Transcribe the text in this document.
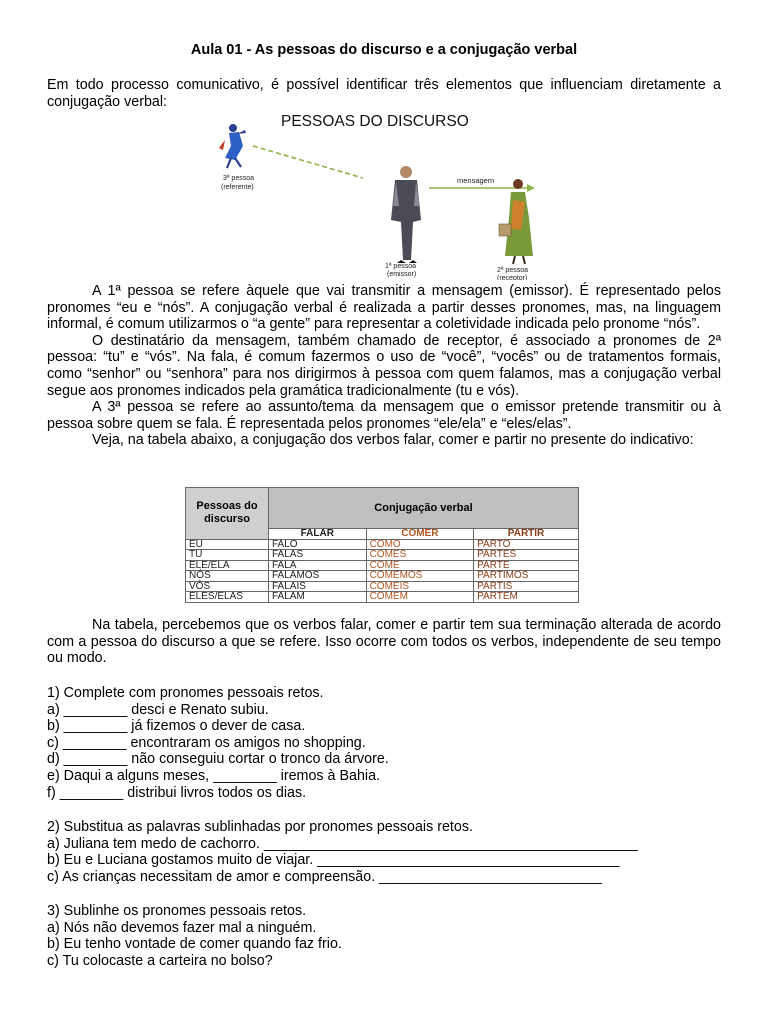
Aula 01 - As pessoas do discurso e a conjugação verbal

Em todo processo comunicativo, é possível identificar três elementos que influenciam diretamente a conjugação verbal:

PESSOAS DO DISCURSO
3ª pessoa
(referente)
1ª pessoa
(emissor)
mensagem
2ª pessoa
(receptor)

A 1ª pessoa se refere àquele que vai transmitir a mensagem (emissor). É representado pelos pronomes “eu e “nós”. A conjugação verbal é realizada a partir desses pronomes, mas, na linguagem informal, é comum utilizarmos o “a gente” para representar a coletividade indicada pelo pronome “nós”.

O destinatário da mensagem, também chamado de receptor, é associado a pronomes de 2ª pessoa: “tu” e “vós”. Na fala, é comum fazermos o uso de “você”, “vocês” ou de tratamentos formais, como “senhor” ou “senhora” para nos dirigirmos à pessoa com quem falamos, mas a conjugação verbal segue aos pronomes indicados pela gramática tradicionalmente (tu e vós).

A 3ª pessoa se refere ao assunto/tema da mensagem que o emissor pretende transmitir ou à pessoa sobre quem se fala. É representada pelos pronomes “ele/ela” e “eles/elas”.

Veja, na tabela abaixo, a conjugação dos verbos falar, comer e partir no presente do indicativo:

Pessoas do discurso	Conjugação verbal		
	FALAR	COMER	PARTIR
EU	FALO	COMO	PARTO
TU	FALAS	COMES	PARTES
ELE/ELA	FALA	COME	PARTE
NÓS	FALAMOS	COMEMOS	PARTIMOS
VÓS	FALAIS	COMEIS	PARTIS
ELES/ELAS	FALAM	COMEM	PARTEM

Na tabela, percebemos que os verbos falar, comer e partir tem sua terminação alterada de acordo com a pessoa do discurso a que se refere. Isso ocorre com todos os verbos, independente de seu tempo ou modo.

1) Complete com pronomes pessoais retos.
a) ________ desci e Renato subiu.
b) ________ já fizemos o dever de casa.
c) ________ encontraram os amigos no shopping.
d) ________ não conseguiu cortar o tronco da árvore.
e) Daqui a alguns meses, ________ iremos à Bahia.
f) ________ distribui livros todos os dias.
2) Substitua as palavras sublinhadas por pronomes pessoais retos.
a) Juliana tem medo de cachorro. _______________________________________________
b) Eu e Luciana gostamos muito de viajar. ______________________________________
c) As crianças necessitam de amor e compreensão. ____________________________
3) Sublinhe os pronomes pessoais retos.
a) Nós não devemos fazer mal a ninguém.
b) Eu tenho vontade de comer quando faz frio.
c) Tu colocaste a carteira no bolso?
